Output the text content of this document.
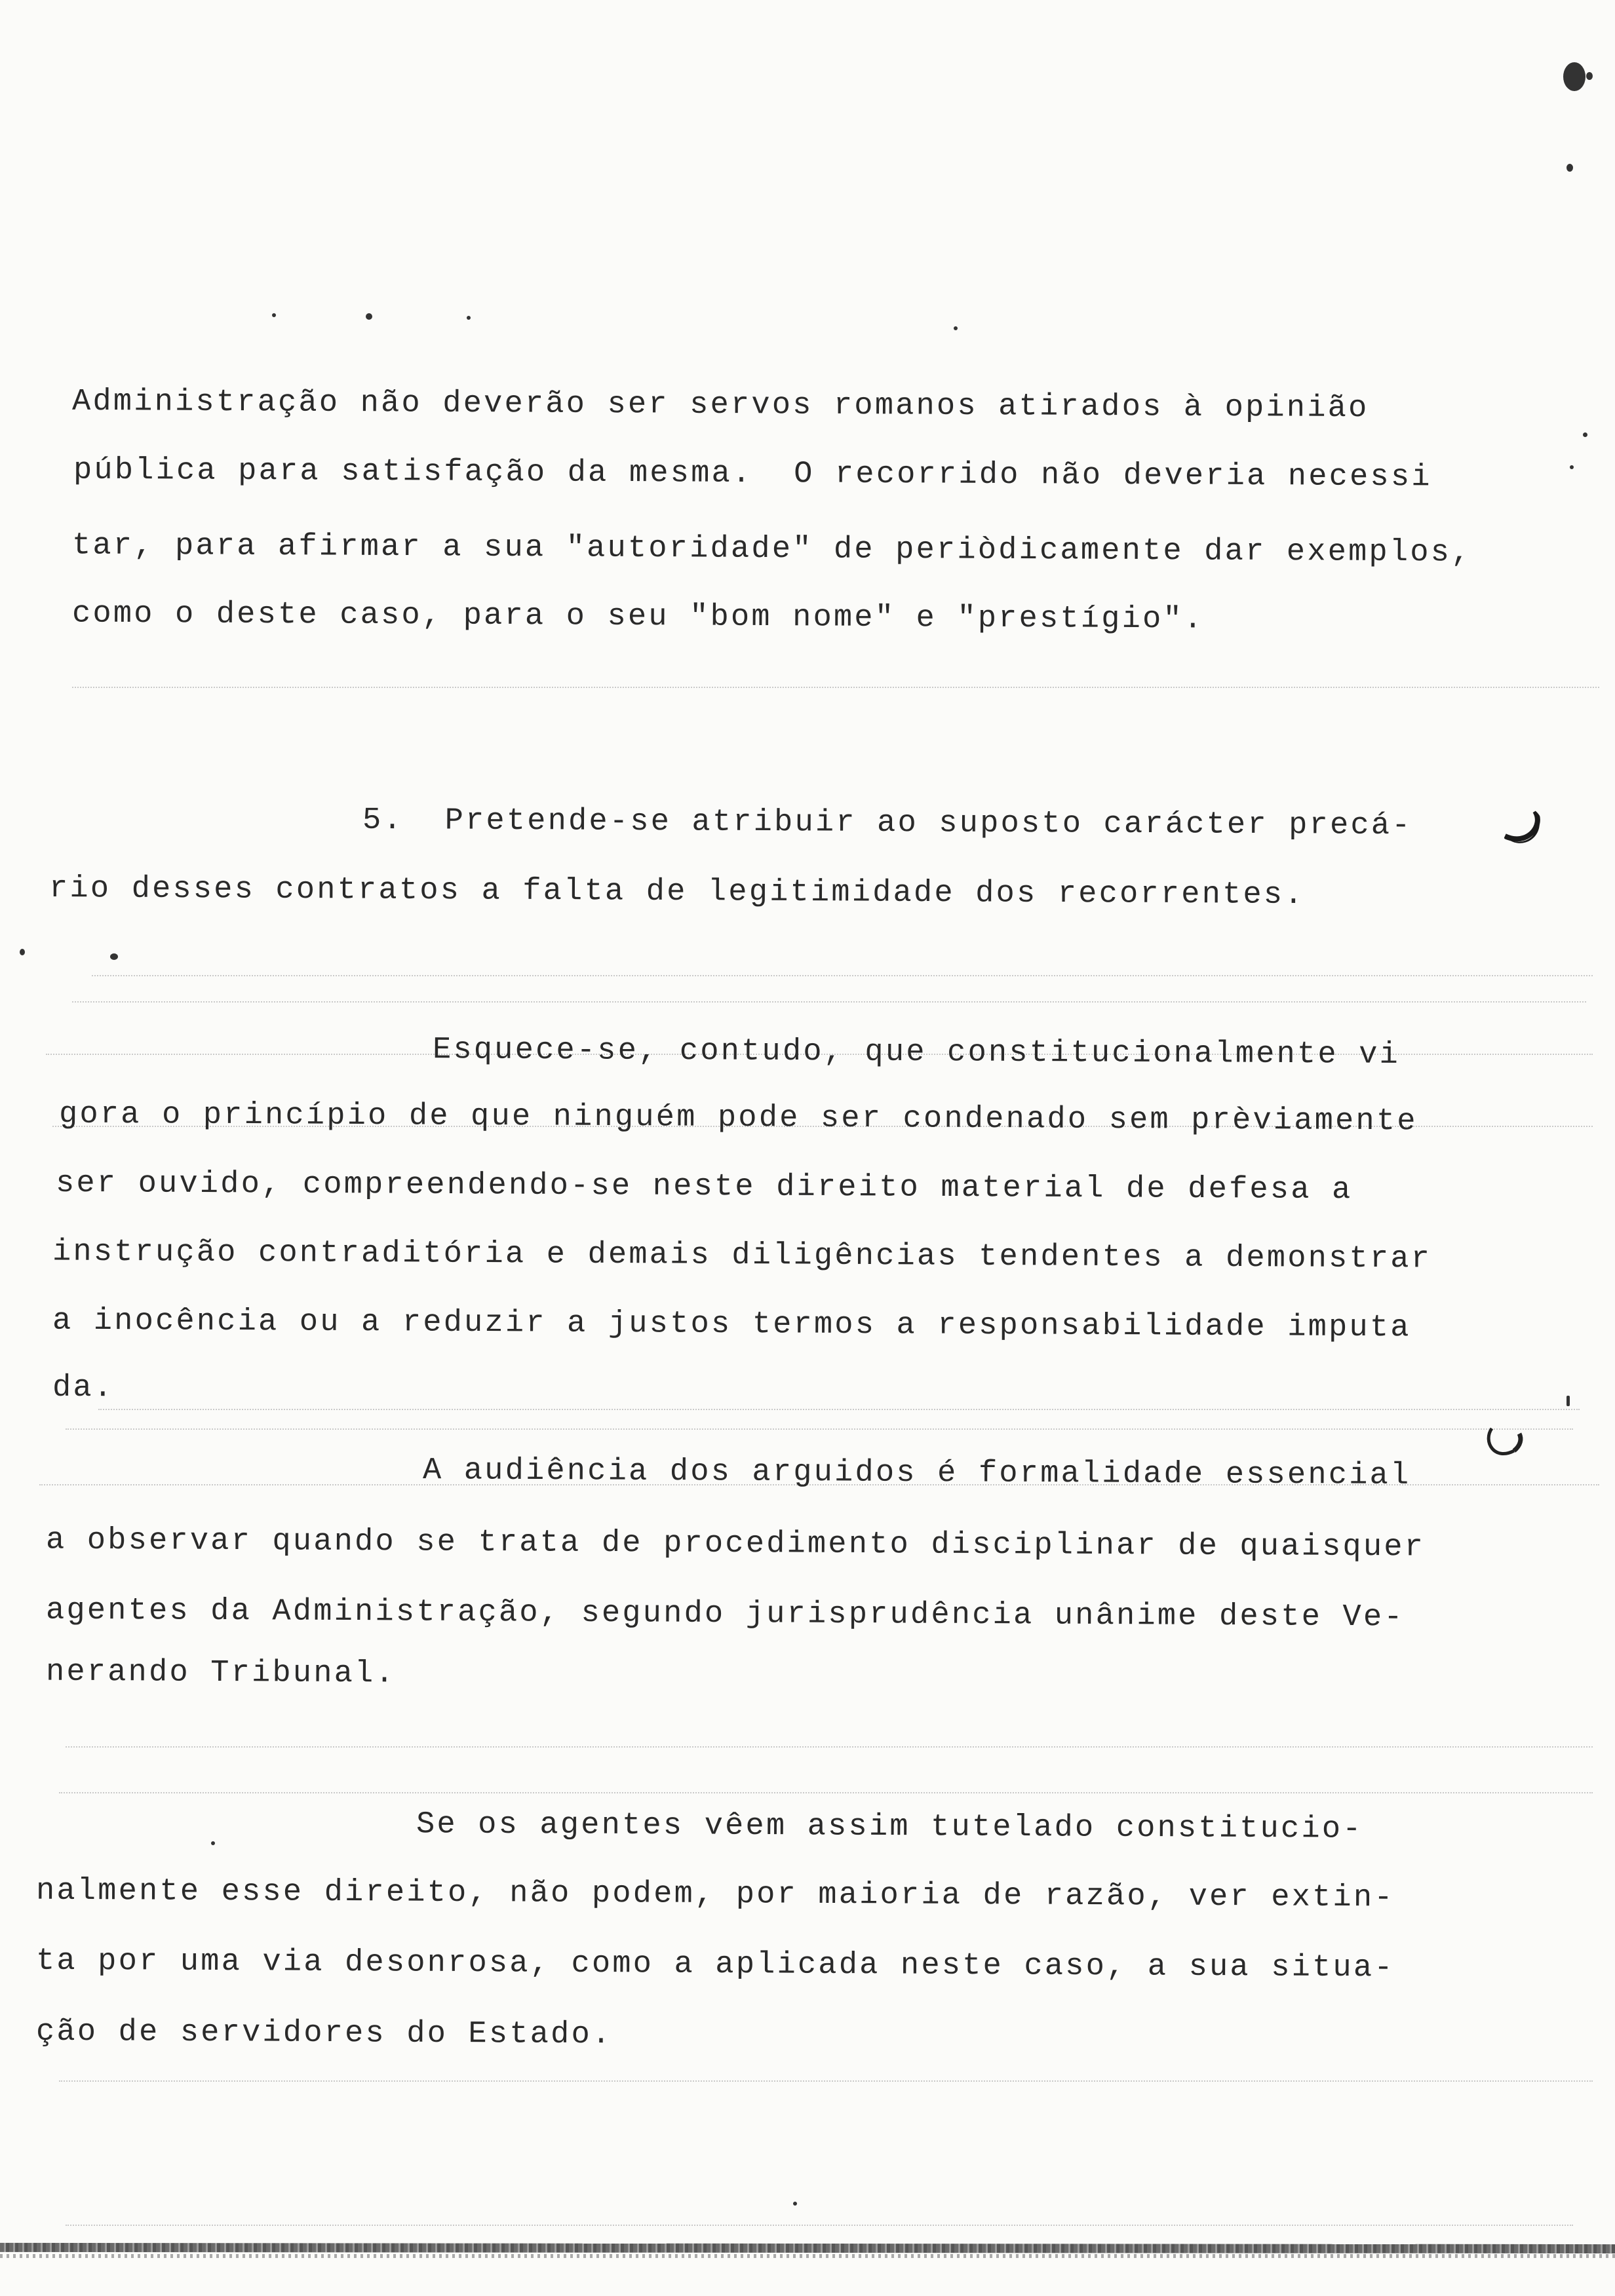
Administração não deverão ser servos romanos atirados à opinião
pública para satisfação da mesma.  O recorrido não deveria necessi
tar, para afirmar a sua "autoridade" de periòdicamente dar exemplos,
como o deste caso, para o seu "bom nome" e "prestígio".
5.  Pretende-se atribuir ao suposto carácter precá-
rio desses contratos a falta de legitimidade dos recorrentes.
Esquece-se, contudo, que constitucionalmente vi
gora o princípio de que ninguém pode ser condenado sem prèviamente
ser ouvido, compreendendo-se neste direito material de defesa a
instrução contraditória e demais diligências tendentes a demonstrar
a inocência ou a reduzir a justos termos a responsabilidade imputa
da.
A audiência dos arguidos é formalidade essencial
a observar quando se trata de procedimento disciplinar de quaisquer
agentes da Administração, segundo jurisprudência unânime deste Ve-
nerando Tribunal.
Se os agentes vêem assim tutelado constitucio-
nalmente esse direito, não podem, por maioria de razão, ver extin-
ta por uma via desonrosa, como a aplicada neste caso, a sua situa-
ção de servidores do Estado.
